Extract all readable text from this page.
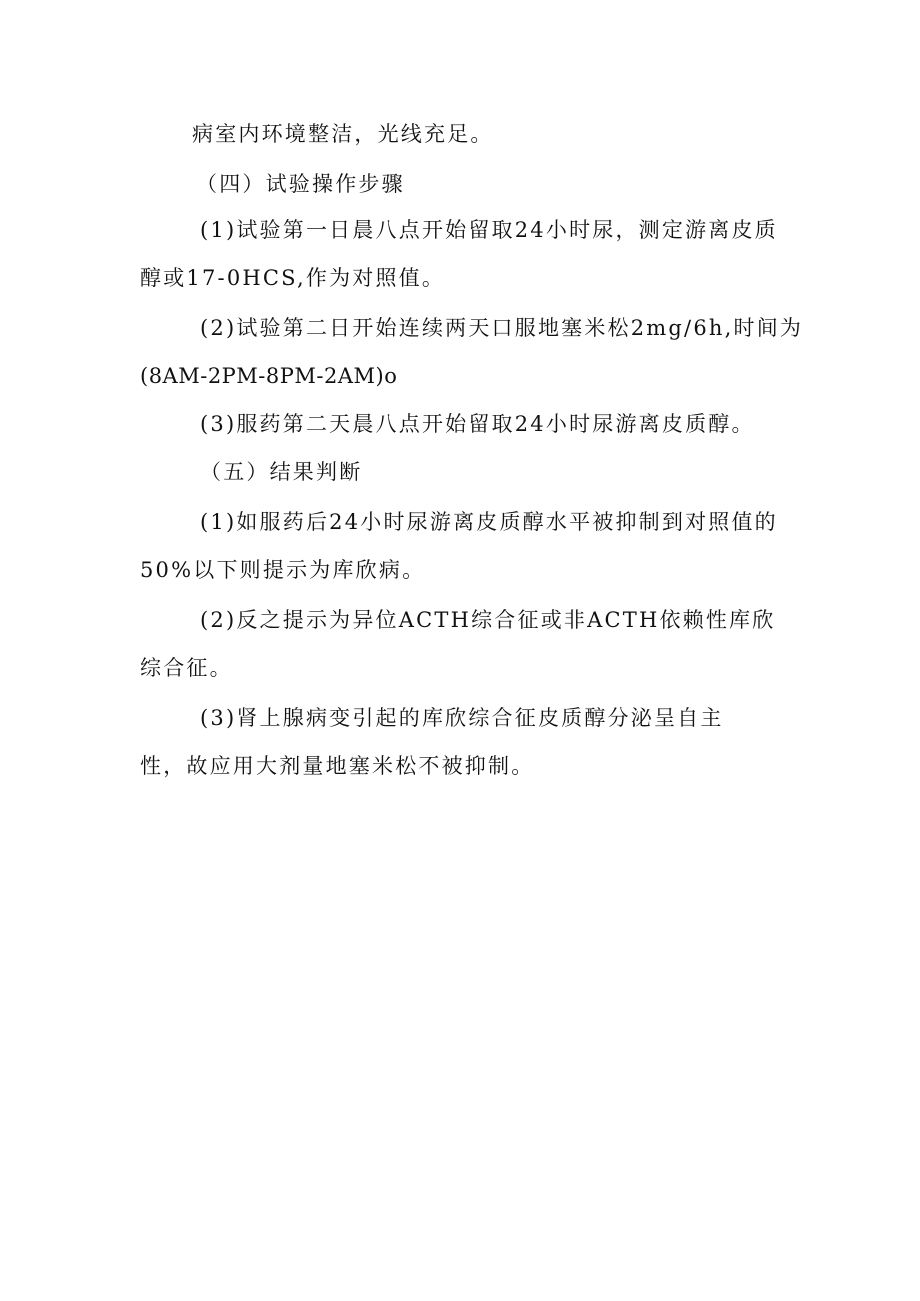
病室内环境整洁，光线充足。
（四）试验操作步骤
(1)试验第一日晨八点开始留取24小时尿，测定游离皮质
醇或17-0HCS,作为对照值。
(2)试验第二日开始连续两天口服地塞米松2mg∕6h,时间为
(8AM-2PM-8PM-2AM)o
(3)服药第二天晨八点开始留取24小时尿游离皮质醇。
（五）结果判断
(1)如服药后24小时尿游离皮质醇水平被抑制到对照值的
50%以下则提示为库欣病。
(2)反之提示为异位ACTH综合征或非ACTH依赖性库欣
综合征。
(3)肾上腺病变引起的库欣综合征皮质醇分泌呈自主
性，故应用大剂量地塞米松不被抑制。
